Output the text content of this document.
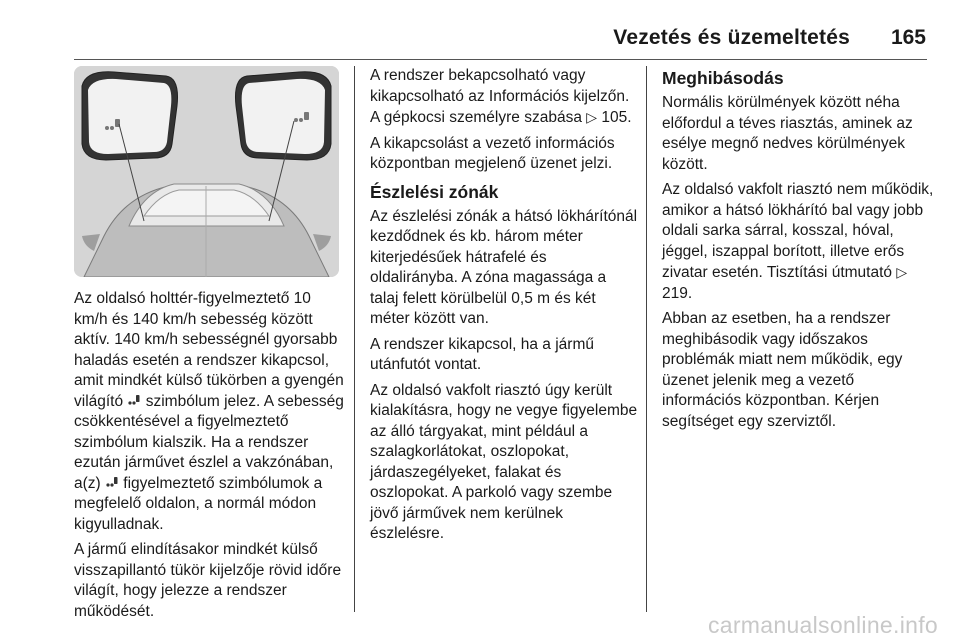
Vezetés és üzemeltetés 165

Az oldalsó holttér-figyelmeztető 10 km/h és 140 km/h sebesség között aktív. 140 km/h sebességnél gyorsabb haladás esetén a rendszer kikapcsol, amit mindkét külső tükörben a gyengén világító  szimbólum jelez. A sebesség csökkentésével a figyelmeztető szimbólum kialszik. Ha a rendszer ezután járművet észlel a vakzónában, a(z)  figyelmeztető szimbólumok a megfelelő oldalon, a normál módon kigyulladnak.

A jármű elindításakor mindkét külső visszapillantó tükör kijelzője rövid időre világít, hogy jelezze a rendszer működését.

A rendszer bekapcsolható vagy kikapcsolható az Információs kijelzőn. A gépkocsi személyre szabása ▷ 105.

A kikapcsolást a vezető információs központban megjelenő üzenet jelzi.

Észlelési zónák

Az észlelési zónák a hátsó lökhárítónál kezdődnek és kb. három méter kiterjedésűek hátrafelé és oldalirányba. A zóna magassága a talaj felett körülbelül 0,5 m és két méter között van.

A rendszer kikapcsol, ha a jármű utánfutót vontat.

Az oldalsó vakfolt riasztó úgy került kialakításra, hogy ne vegye figyelembe az álló tárgyakat, mint például a szalagkorlátokat, oszlopokat, járdaszegélyeket, falakat és oszlopokat. A parkoló vagy szembe jövő járművek nem kerülnek észlelésre.

Meghibásodás

Normális körülmények között néha előfordul a téves riasztás, aminek az esélye megnő nedves körülmények között.

Az oldalsó vakfolt riasztó nem működik, amikor a hátsó lökhárító bal vagy jobb oldali sarka sárral, kosszal, hóval, jéggel, iszappal borított, illetve erős zivatar esetén. Tisztítási útmutató ▷ 219.

Abban az esetben, ha a rendszer meghibásodik vagy időszakos problémák miatt nem működik, egy üzenet jelenik meg a vezető információs központban. Kérjen segítséget egy szerviztől.

carmanualsonline.info
